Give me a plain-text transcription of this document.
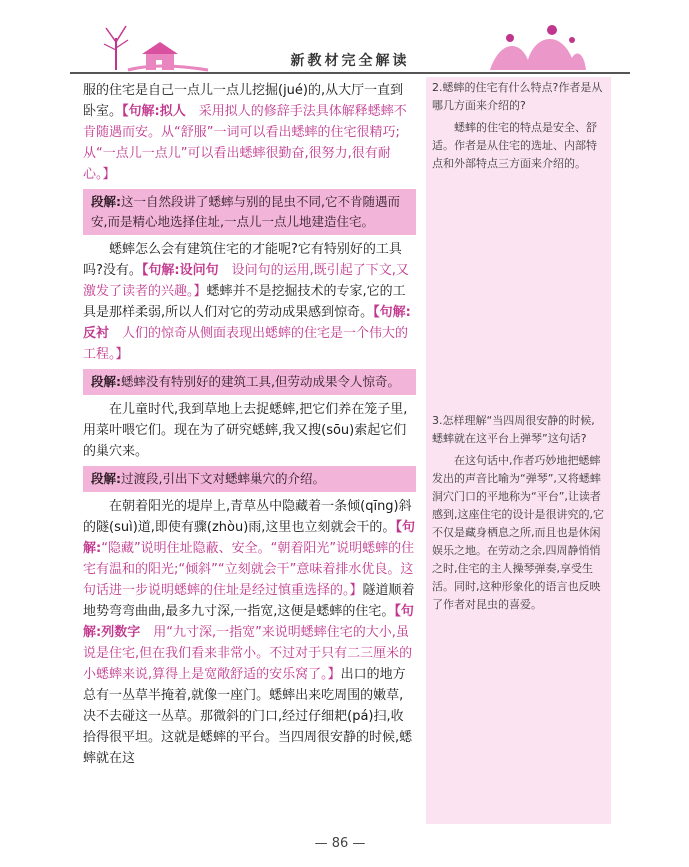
新教材完全解读

服的住宅是自己一点儿一点儿挖掘(jué)的,从大厅一直到卧室。【句解:拟人　采用拟人的修辞手法具体解释蟋蟀不肯随遇而安。从“舒服”一词可以看出蟋蟀的住宅很精巧;从“一点儿一点儿”可以看出蟋蟀很勤奋,很努力,很有耐心。】

段解:这一自然段讲了蟋蟀与别的昆虫不同,它不肯随遇而安,而是精心地选择住址,一点儿一点儿地建造住宅。

蟋蟀怎么会有建筑住宅的才能呢?它有特别好的工具吗?没有。【句解:设问句　设问句的运用,既引起了下文,又激发了读者的兴趣。】蟋蟀并不是挖掘技术的专家,它的工具是那样柔弱,所以人们对它的劳动成果感到惊奇。【句解:反衬　人们的惊奇从侧面表现出蟋蟀的住宅是一个伟大的工程。】

段解:蟋蟀没有特别好的建筑工具,但劳动成果令人惊奇。

在儿童时代,我到草地上去捉蟋蟀,把它们养在笼子里,用菜叶喂它们。现在为了研究蟋蟀,我又搜(sōu)索起它们的巢穴来。

段解:过渡段,引出下文对蟋蟀巢穴的介绍。

在朝着阳光的堤岸上,青草丛中隐藏着一条倾(qīng)斜的隧(suì)道,即使有骤(zhòu)雨,这里也立刻就会干的。【句解:“隐藏”说明住址隐蔽、安全。“朝着阳光”说明蟋蟀的住宅有温和的阳光;“倾斜”“立刻就会干”意味着排水优良。这句话进一步说明蟋蟀的住址是经过慎重选择的。】隧道顺着地势弯弯曲曲,最多九寸深,一指宽,这便是蟋蟀的住宅。【句解:列数字　用“九寸深,一指宽”来说明蟋蟀住宅的大小,虽说是住宅,但在我们看来非常小。不过对于只有二三厘米的小蟋蟀来说,算得上是宽敞舒适的安乐窝了。】出口的地方总有一丛草半掩着,就像一座门。蟋蟀出来吃周围的嫩草,决不去碰这一丛草。那微斜的门口,经过仔细耙(pá)扫,收拾得很平坦。这就是蟋蟀的平台。当四周很安静的时候,蟋蟀就在这

2.蟋蟀的住宅有什么特点?作者是从哪几方面来介绍的?

蟋蟀的住宅的特点是安全、舒适。作者是从住宅的选址、内部特点和外部特点三方面来介绍的。

3.怎样理解“当四周很安静的时候,蟋蟀就在这平台上弹琴”这句话?

在这句话中,作者巧妙地把蟋蟀发出的声音比喻为“弹琴”,又将蟋蟀洞穴门口的平地称为“平台”,让读者感到,这座住宅的设计是很讲究的,它不仅是藏身栖息之所,而且也是休闲娱乐之地。在劳动之余,四周静悄悄之时,住宅的主人操琴弹奏,享受生活。同时,这种形象化的语言也反映了作者对昆虫的喜爱。

— 86 —
